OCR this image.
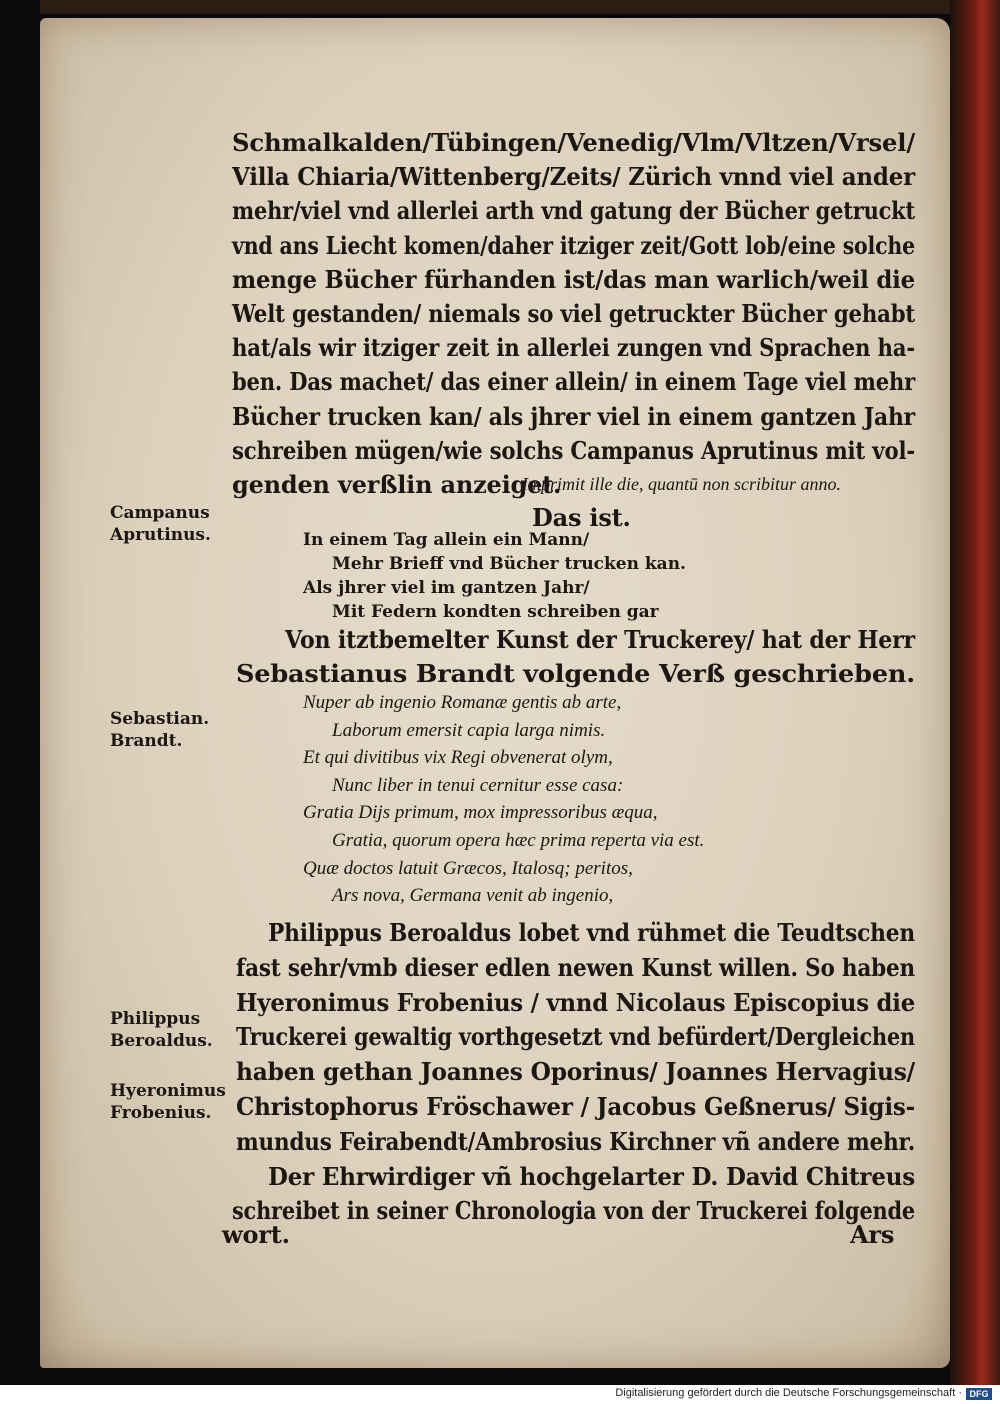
Schmalkalden/Tübingen/Venedig/Vlm/Vltzen/Vrsel/
Villa Chiaria/Wittenberg/Zeits/ Zürich vnnd viel ander
mehr/viel vnd allerlei arth vnd gatung der Bücher getruckt
vnd ans Liecht komen/daher itziger zeit/Gott lob/eine solche
menge Bücher fürhanden ist/das man warlich/weil die
Welt gestanden/ niemals so viel getruckter Bücher gehabt
hat/als wir itziger zeit in allerlei zungen vnd Sprachen ha-
ben. Das machet/ das einer allein/ in einem Tage viel mehr
Bücher trucken kan/ als jhrer viel in einem gantzen Jahr
schreiben mügen/wie solchs Campanus Aprutinus mit vol-
genden verßlin anzeiget.
Imprimit ille die, quantū non scribitur anno.
Das ist.
In einem Tag allein ein Mann/
Mehr Brieff vnd Bücher trucken kan.
Als jhrer viel im gantzen Jahr/
Mit Federn kondten schreiben gar
Von itztbemelter Kunst der Truckerey/ hat der Herr
Sebastianus Brandt volgende Verß geschrieben.
Nuper ab ingenio Romanæ gentis ab arte,
Laborum emersit capia larga nimis.
Et qui divitibus vix Regi obvenerat olym,
Nunc liber in tenui cernitur esse casa:
Gratia Dijs primum, mox impressoribus æqua,
Gratia, quorum opera hæc prima reperta via est.
Quæ doctos latuit Græcos, Italosq; peritos,
Ars nova, Germana venit ab ingenio,
Philippus Beroaldus lobet vnd rühmet die Teudtschen
fast sehr/vmb dieser edlen newen Kunst willen. So haben
Hyeronimus Frobenius / vnnd Nicolaus Episcopius die
Truckerei gewaltig vorthgesetzt vnd befürdert/Dergleichen
haben gethan Joannes Oporinus/ Joannes Hervagius/
Christophorus Fröschawer / Jacobus Geßnerus/ Sigis-
mundus Feirabendt/Ambrosius Kirchner vñ andere mehr.
Der Ehrwirdiger vñ hochgelarter D. David Chitreus
schreibet in seiner Chronologia von der Truckerei folgende
wort.	Ars
Campanus
Aprutinus.
Sebastian.
Brandt.
Philippus
Beroaldus.
Hyeronimus
Frobenius.
Digitalisierung gefördert durch die Deutsche Forschungsgemeinschaft · DFG
